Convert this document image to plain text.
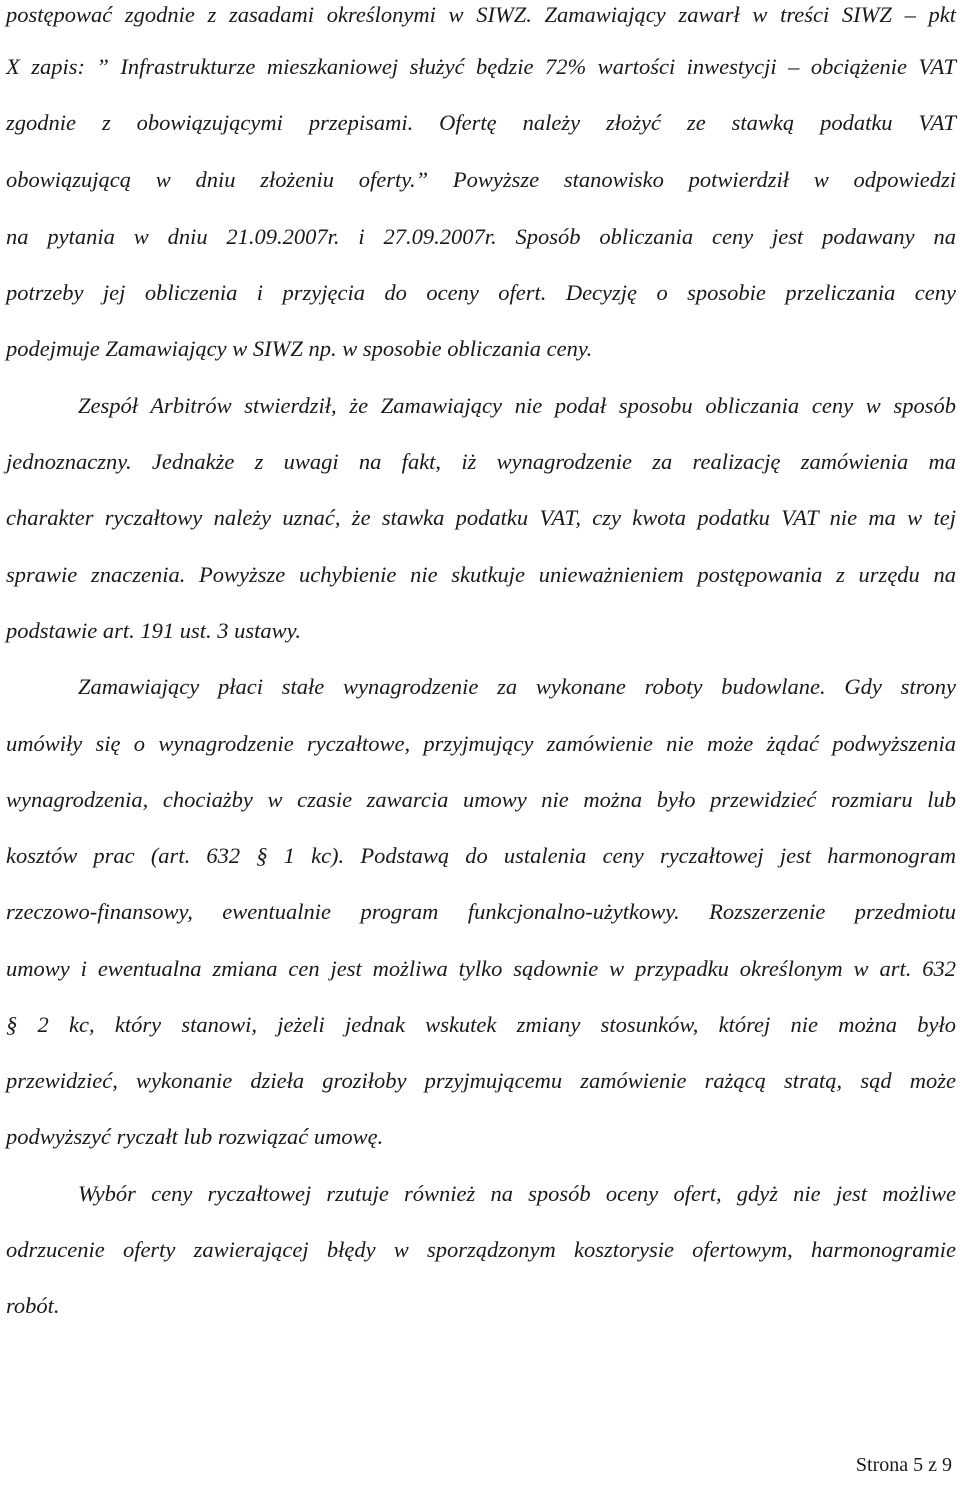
postępować zgodnie z zasadami określonymi w SIWZ. Zamawiający zawarł w treści SIWZ – pkt
X zapis: ” Infrastrukturze mieszkaniowej służyć będzie 72% wartości inwestycji – obciążenie VAT
zgodnie z obowiązującymi przepisami. Ofertę należy złożyć ze stawką podatku VAT
obowiązującą w dniu złożeniu oferty.” Powyższe stanowisko potwierdził w odpowiedzi
na pytania w dniu 21.09.2007r. i 27.09.2007r. Sposób obliczania ceny jest podawany na
potrzeby jej obliczenia i przyjęcia do oceny ofert. Decyzję o sposobie przeliczania ceny
podejmuje Zamawiający w SIWZ np. w sposobie obliczania ceny.
Zespół Arbitrów stwierdził, że Zamawiający nie podał sposobu obliczania ceny w sposób
jednoznaczny. Jednakże z uwagi na fakt, iż wynagrodzenie za realizację zamówienia ma
charakter ryczałtowy należy uznać, że stawka podatku VAT, czy kwota podatku VAT nie ma w tej
sprawie znaczenia. Powyższe uchybienie nie skutkuje unieważnieniem postępowania z urzędu na
podstawie art. 191 ust. 3 ustawy.
Zamawiający płaci stałe wynagrodzenie za wykonane roboty budowlane. Gdy strony
umówiły się o wynagrodzenie ryczałtowe, przyjmujący zamówienie nie może żądać podwyższenia
wynagrodzenia, chociażby w czasie zawarcia umowy nie można było przewidzieć rozmiaru lub
kosztów prac (art. 632 § 1 kc). Podstawą do ustalenia ceny ryczałtowej jest harmonogram
rzeczowo-finansowy, ewentualnie program funkcjonalno-użytkowy. Rozszerzenie przedmiotu
umowy i ewentualna zmiana cen jest możliwa tylko sądownie w przypadku określonym w art. 632
§ 2 kc, który stanowi, jeżeli jednak wskutek zmiany stosunków, której nie można było
przewidzieć, wykonanie dzieła groziłoby przyjmującemu zamówienie rażącą stratą, sąd może
podwyższyć ryczałt lub rozwiązać umowę.
Wybór ceny ryczałtowej rzutuje również na sposób oceny ofert, gdyż nie jest możliwe
odrzucenie oferty zawierającej błędy w sporządzonym kosztorysie ofertowym, harmonogramie
robót.
Strona 5 z 9
